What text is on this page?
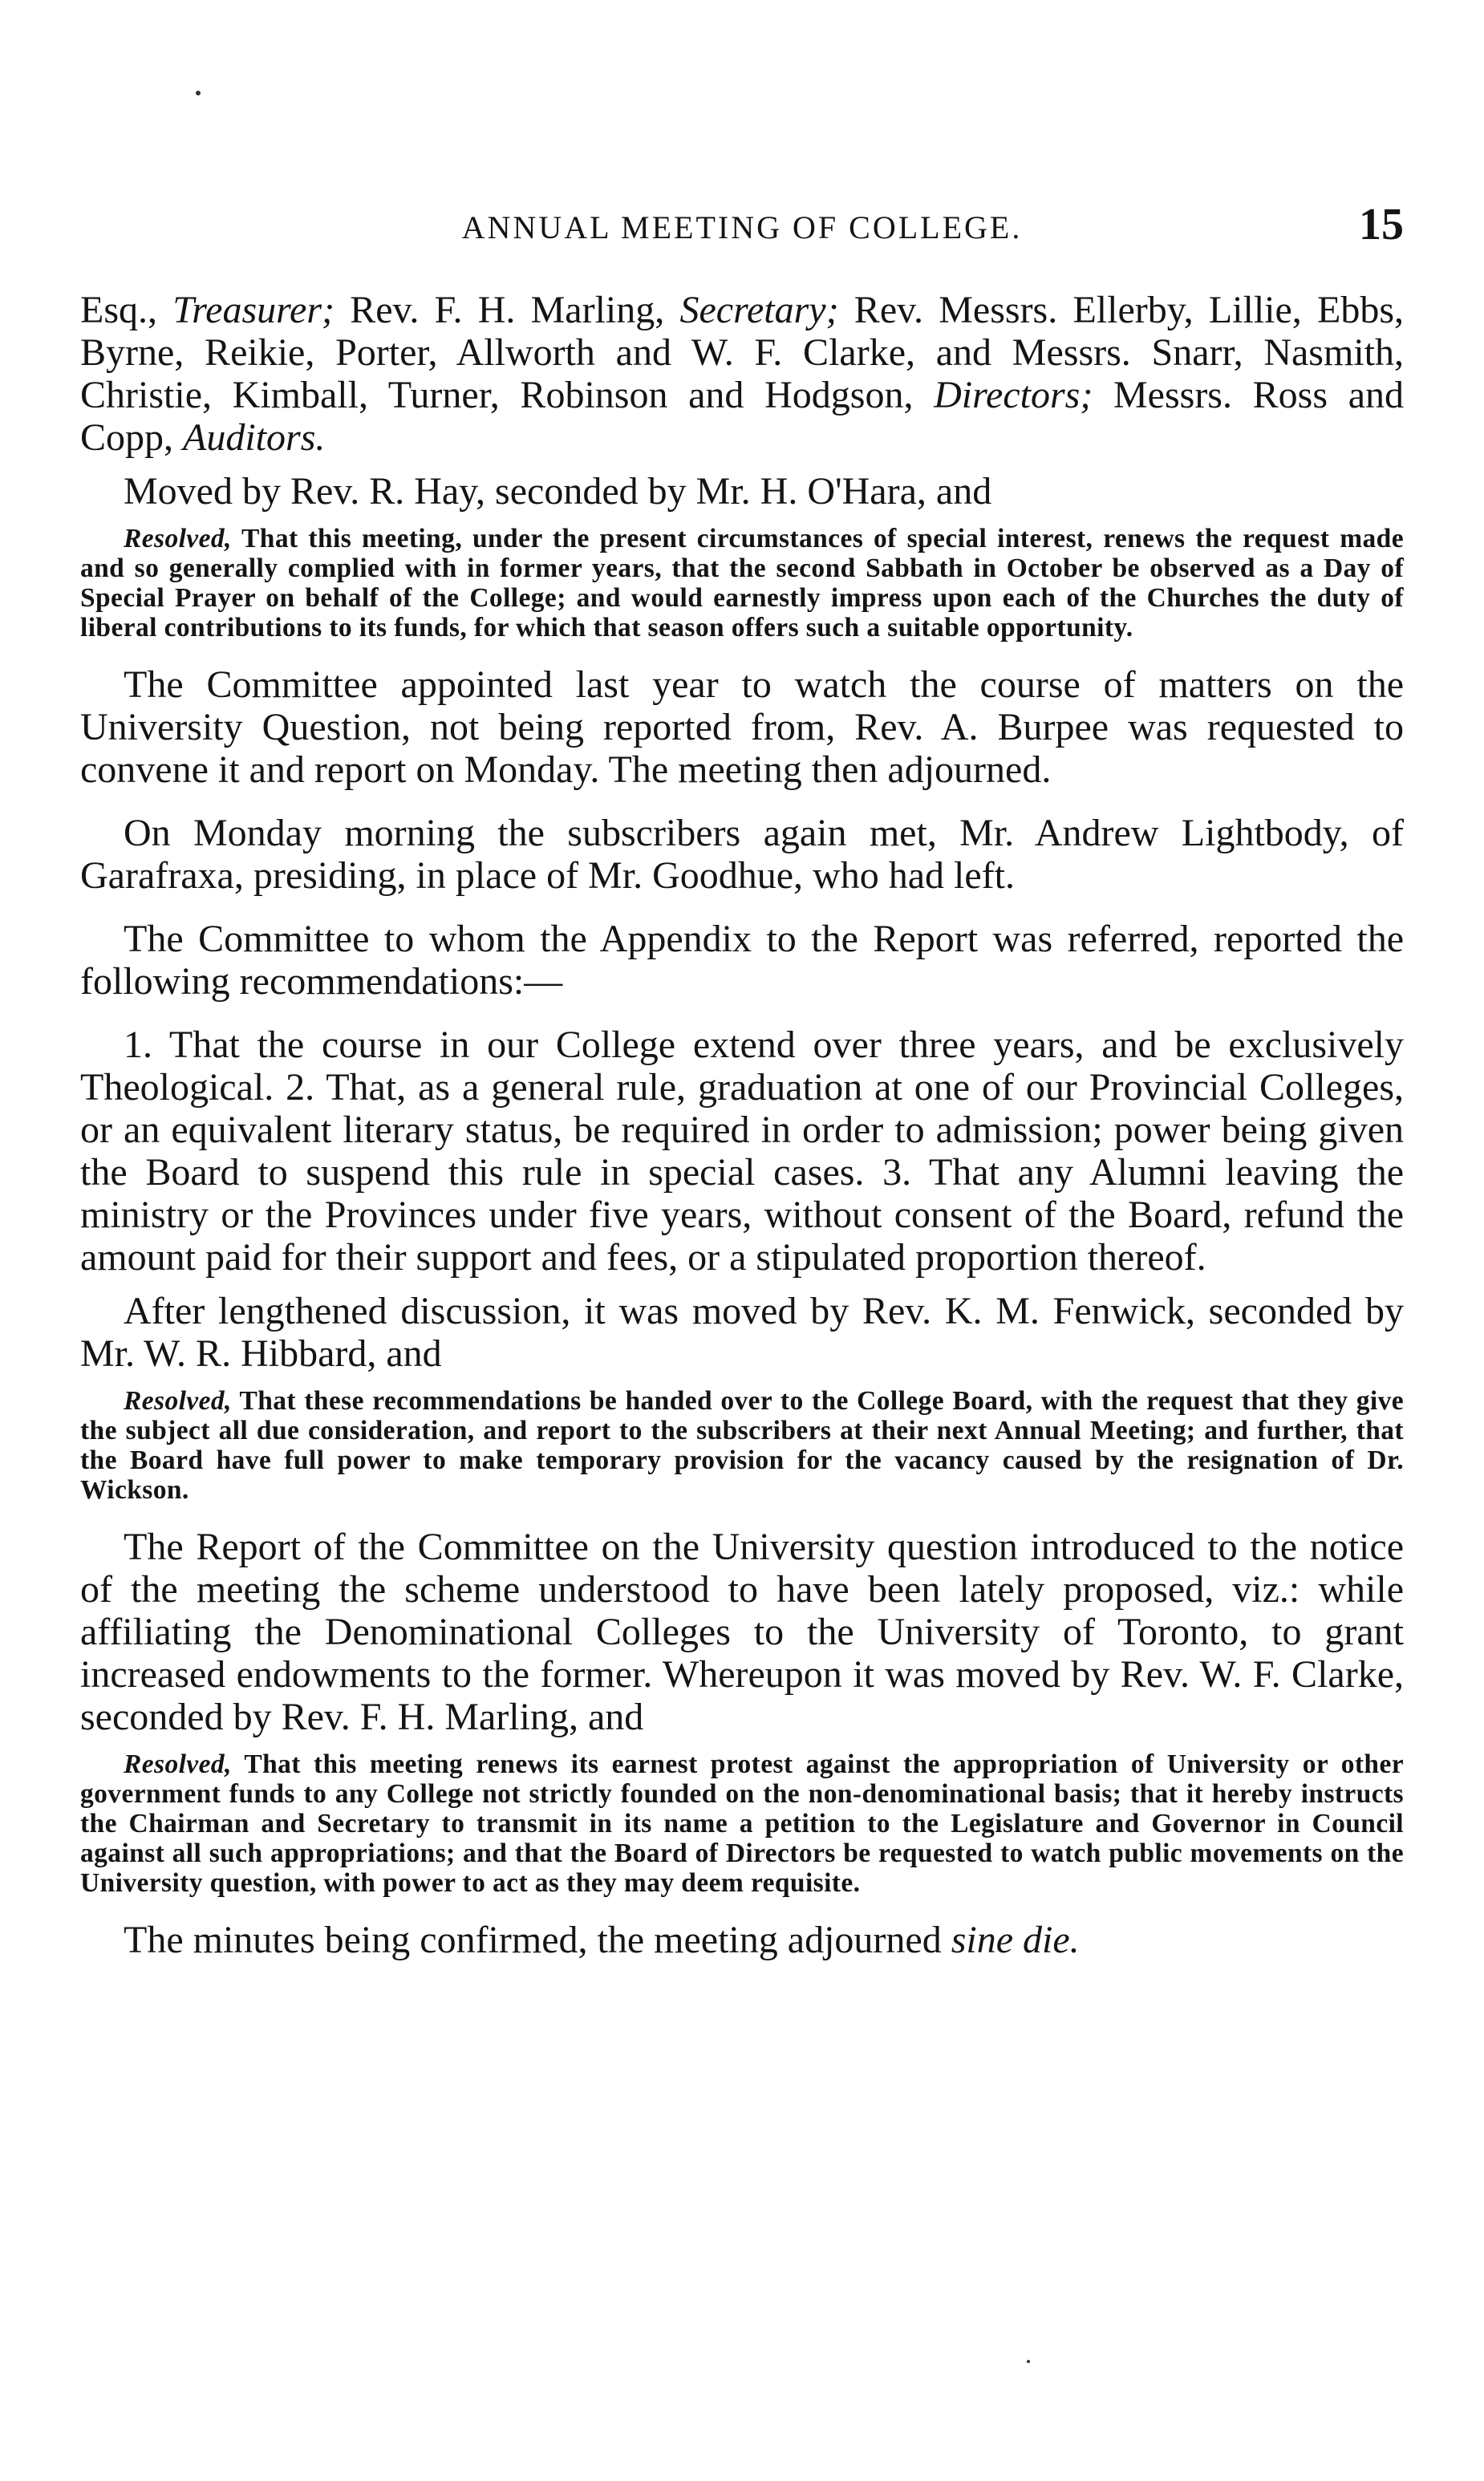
ANNUAL MEETING OF COLLEGE.	15

Esq., Treasurer; Rev. F. H. Marling, Secretary; Rev. Messrs. Ellerby, Lillie, Ebbs, Byrne, Reikie, Porter, Allworth and W. F. Clarke, and Messrs. Snarr, Nasmith, Christie, Kimball, Turner, Robinson and Hodgson, Directors; Messrs. Ross and Copp, Auditors.

Moved by Rev. R. Hay, seconded by Mr. H. O'Hara, and

Resolved, That this meeting, under the present circumstances of special interest, renews the request made and so generally complied with in former years, that the second Sabbath in October be observed as a Day of Special Prayer on behalf of the College; and would earnestly impress upon each of the Churches the duty of liberal contributions to its funds, for which that season offers such a suitable opportunity.

The Committee appointed last year to watch the course of matters on the University Question, not being reported from, Rev. A. Burpee was requested to convene it and report on Monday. The meeting then adjourned.

On Monday morning the subscribers again met, Mr. Andrew Lightbody, of Garafraxa, presiding, in place of Mr. Goodhue, who had left.

The Committee to whom the Appendix to the Report was referred, reported the following recommendations:—

1. That the course in our College extend over three years, and be exclusively Theological. 2. That, as a general rule, graduation at one of our Provincial Colleges, or an equivalent literary status, be required in order to admission; power being given the Board to suspend this rule in special cases. 3. That any Alumni leaving the ministry or the Provinces under five years, without consent of the Board, refund the amount paid for their support and fees, or a stipulated proportion thereof.

After lengthened discussion, it was moved by Rev. K. M. Fenwick, seconded by Mr. W. R. Hibbard, and

Resolved, That these recommendations be handed over to the College Board, with the request that they give the subject all due consideration, and report to the subscribers at their next Annual Meeting; and further, that the Board have full power to make temporary provision for the vacancy caused by the resignation of Dr. Wickson.

The Report of the Committee on the University question introduced to the notice of the meeting the scheme understood to have been lately proposed, viz.: while affiliating the Denominational Colleges to the University of Toronto, to grant increased endowments to the former. Whereupon it was moved by Rev. W. F. Clarke, seconded by Rev. F. H. Marling, and

Resolved, That this meeting renews its earnest protest against the appropriation of University or other government funds to any College not strictly founded on the non-denominational basis; that it hereby instructs the Chairman and Secretary to transmit in its name a petition to the Legislature and Governor in Council against all such appropriations; and that the Board of Directors be requested to watch public movements on the University question, with power to act as they may deem requisite.

The minutes being confirmed, the meeting adjourned sine die.
